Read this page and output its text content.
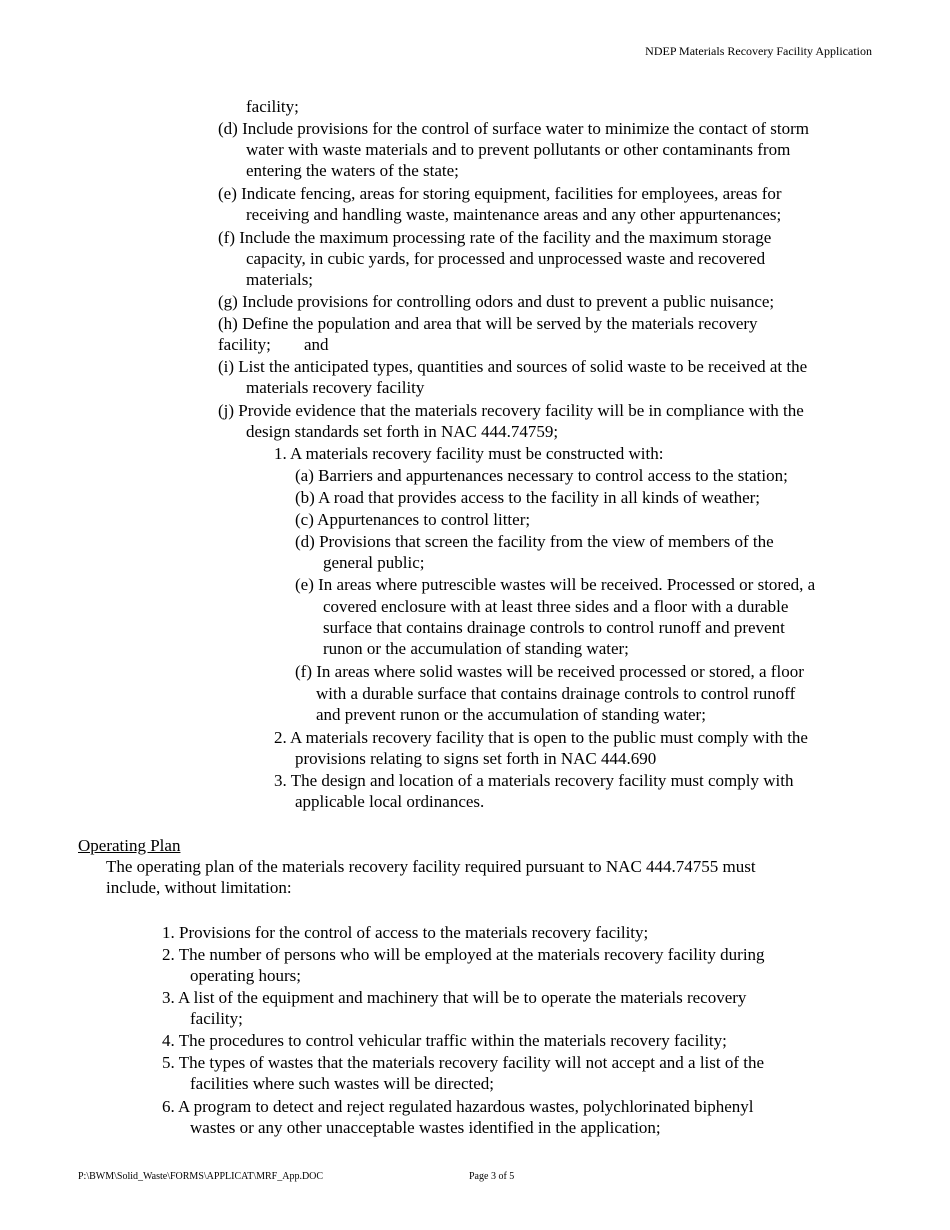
NDEP Materials Recovery Facility Application
facility;
(d) Include provisions for the control of surface water to minimize the contact of storm
water with waste materials and to prevent pollutants or other contaminants from
entering the waters of the state;
(e) Indicate fencing, areas for storing equipment, facilities for employees, areas for
receiving and handling waste, maintenance areas and any other appurtenances;
(f) Include the maximum processing rate of the facility and the maximum storage
capacity, in cubic yards, for processed and unprocessed waste and recovered
materials;
(g) Include provisions for controlling odors and dust to prevent a public nuisance;
(h) Define the population and area that will be served by the materials recovery
facility; and
(i) List the anticipated types, quantities and sources of solid waste to be received at the
materials recovery facility
(j) Provide evidence that the materials recovery facility will be in compliance with the
design standards set forth in NAC 444.74759;
1. A materials recovery facility must be constructed with:
(a) Barriers and appurtenances necessary to control access to the station;
(b) A road that provides access to the facility in all kinds of weather;
(c) Appurtenances to control litter;
(d) Provisions that screen the facility from the view of members of the
general public;
(e) In areas where putrescible wastes will be received. Processed or stored, a
covered enclosure with at least three sides and a floor with a durable
surface that contains drainage controls to control runoff and prevent
runon or the accumulation of standing water;
(f) In areas where solid wastes will be received processed or stored, a floor
with a durable surface that contains drainage controls to control runoff
and prevent runon or the accumulation of standing water;
2. A materials recovery facility that is open to the public must comply with the
provisions relating to signs set forth in NAC 444.690
3. The design and location of a materials recovery facility must comply with
applicable local ordinances.
Operating Plan
The operating plan of the materials recovery facility required pursuant to NAC 444.74755 must
include, without limitation:
1. Provisions for the control of access to the materials recovery facility;
2. The number of persons who will be employed at the materials recovery facility during
operating hours;
3. A list of the equipment and machinery that will be to operate the materials recovery
facility;
4. The procedures to control vehicular traffic within the materials recovery facility;
5. The types of wastes that the materials recovery facility will not accept and a list of the
facilities where such wastes will be directed;
6. A program to detect and reject regulated hazardous wastes, polychlorinated biphenyl
wastes or any other unacceptable wastes identified in the application;
P:\BWM\Solid_Waste\FORMS\APPLICAT\MRF_App.DOC	Page 3 of 5
